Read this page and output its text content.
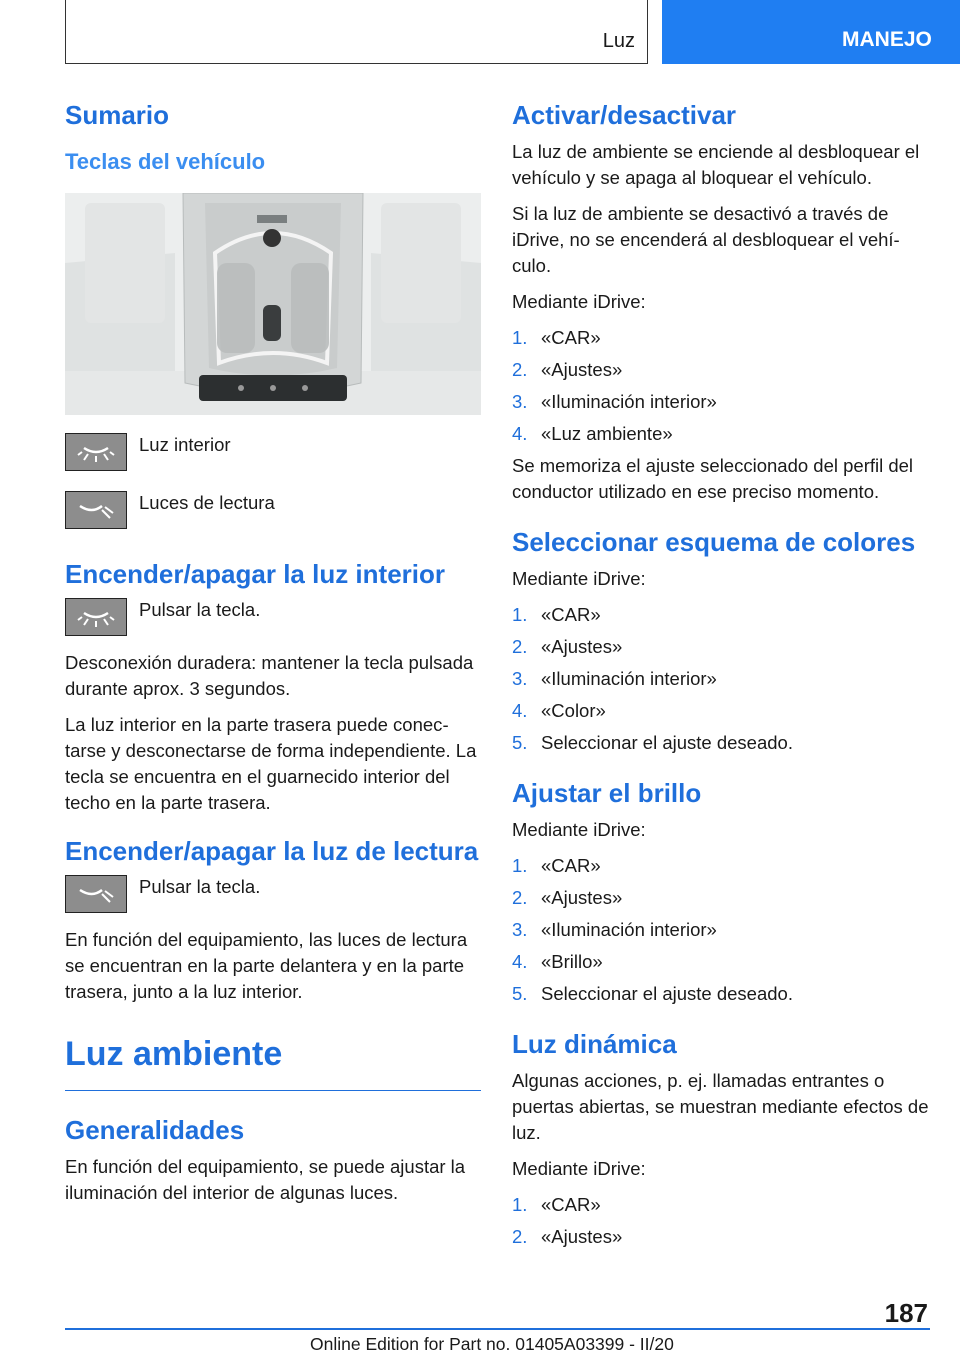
Luz	MANEJO
Sumario
Teclas del vehículo
Luz interior
Luces de lectura
Encender/apagar la luz interior
Pulsar la tecla.

Desconexión duradera: mantener la tecla pulsada durante aprox. 3 segundos.

La luz interior en la parte trasera puede conectarse y desconectarse de forma independiente. La tecla se encuentra en el guarnecido interior del techo en la parte trasera.

Encender/apagar la luz de lectura
Pulsar la tecla.

En función del equipamiento, las luces de lectura se encuentran en la parte delantera y en la parte trasera, junto a la luz interior.

Luz ambiente
Generalidades

En función del equipamiento, se puede ajustar la iluminación del interior de algunas luces.

Activar/desactivar

La luz de ambiente se enciende al desbloquear el vehículo y se apaga al bloquear el vehículo.

Si la luz de ambiente se desactivó a través de iDrive, no se encenderá al desbloquear el vehículo.

Mediante iDrive:

1. «CAR»
2. «Ajustes»
3. «Iluminación interior»
4. «Luz ambiente»

Se memoriza el ajuste seleccionado del perfil del conductor utilizado en ese preciso momento.

Seleccionar esquema de colores

Mediante iDrive:

1. «CAR»
2. «Ajustes»
3. «Iluminación interior»
4. «Color»
5. Seleccionar el ajuste deseado.
Ajustar el brillo

Mediante iDrive:

1. «CAR»
2. «Ajustes»
3. «Iluminación interior»
4. «Brillo»
5. Seleccionar el ajuste deseado.
Luz dinámica

Algunas acciones, p. ej. llamadas entrantes o puertas abiertas, se muestran mediante efectos de luz.

Mediante iDrive:

1. «CAR»
2. «Ajustes»
187
Online Edition for Part no. 01405A03399 - II/20
